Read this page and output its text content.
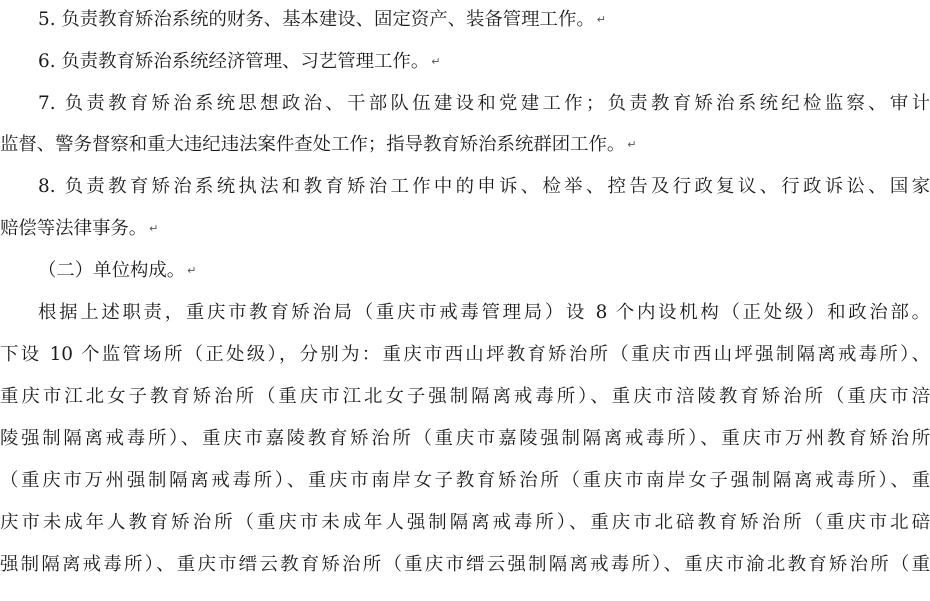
5. 负责教育矫治系统的财务、基本建设、固定资产、装备管理工作。 ↵
6. 负责教育矫治系统经济管理、习艺管理工作。 ↵
7. 负责教育矫治系统思想政治、干部队伍建设和党建工作；负责教育矫治系统纪检监察、审计
监督、警务督察和重大违纪违法案件查处工作；指导教育矫治系统群团工作。 ↵
8. 负责教育矫治系统执法和教育矫治工作中的申诉、检举、控告及行政复议、行政诉讼、国家
赔偿等法律事务。 ↵
（二）单位构成。 ↵
根据上述职责，重庆市教育矫治局（重庆市戒毒管理局）设 8 个内设机构（正处级）和政治部。
下设 10 个监管场所（正处级），分别为：重庆市西山坪教育矫治所（重庆市西山坪强制隔离戒毒所）、
重庆市江北女子教育矫治所（重庆市江北女子强制隔离戒毒所）、重庆市涪陵教育矫治所（重庆市涪
陵强制隔离戒毒所）、重庆市嘉陵教育矫治所（重庆市嘉陵强制隔离戒毒所）、重庆市万州教育矫治所
（重庆市万州强制隔离戒毒所）、重庆市南岸女子教育矫治所（重庆市南岸女子强制隔离戒毒所）、重
庆市未成年人教育矫治所（重庆市未成年人强制隔离戒毒所）、重庆市北碚教育矫治所（重庆市北碚
强制隔离戒毒所）、重庆市缙云教育矫治所（重庆市缙云强制隔离戒毒所）、重庆市渝北教育矫治所（重
